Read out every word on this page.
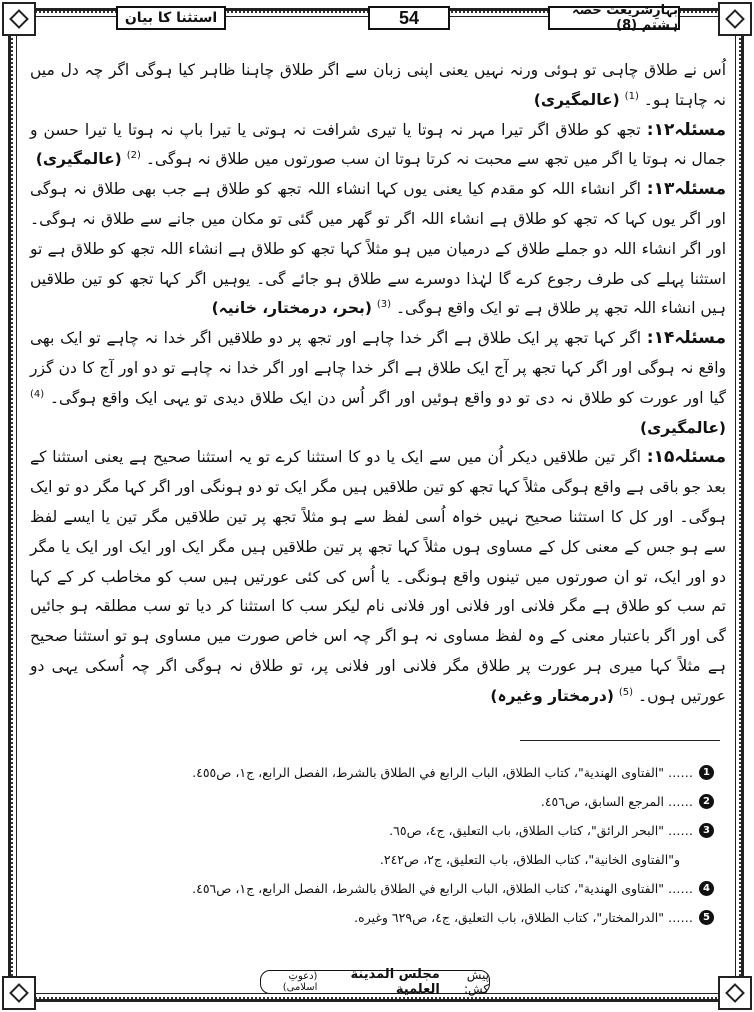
استثنا کا بیان	54	بہارِشریعت حصہ ہشتم (8)

اُس نے طلاق چاہی تو ہوئی ورنہ نہیں یعنی اپنی زبان سے اگر طلاق چاہنا ظاہر کیا ہوگی اگر چہ دل میں نہ چاہتا ہو۔ $^{(1)}$ (عالمگیری)

مسئلہ۱۲: تجھ کو طلاق اگر تیرا مہر نہ ہوتا یا تیری شرافت نہ ہوتی یا تیرا باپ نہ ہوتا یا تیرا حسن و جمال نہ ہوتا یا اگر میں تجھ سے محبت نہ کرتا ہوتا ان سب صورتوں میں طلاق نہ ہوگی۔ $^{(2)}$ (عالمگیری)

مسئلہ۱۳: اگر انشاء اللہ کو مقدم کیا یعنی یوں کہا انشاء اللہ تجھ کو طلاق ہے جب بھی طلاق نہ ہوگی اور اگر یوں کہا کہ تجھ کو طلاق ہے انشاء اللہ اگر تو گھر میں گئی تو مکان میں جانے سے طلاق نہ ہوگی۔ اور اگر انشاء اللہ دو جملے طلاق کے درمیان میں ہو مثلاً کہا تجھ کو طلاق ہے انشاء اللہ تجھ کو طلاق ہے تو استثنا پہلے کی طرف رجوع کرے گا لہٰذا دوسرے سے طلاق ہو جائے گی۔ یوہیں اگر کہا تجھ کو تین طلاقیں ہیں انشاء اللہ تجھ پر طلاق ہے تو ایک واقع ہوگی۔ $^{(3)}$ (بحر، درمختار، خانیہ)

مسئلہ۱۴: اگر کہا تجھ پر ایک طلاق ہے اگر خدا چاہے اور تجھ پر دو طلاقیں اگر خدا نہ چاہے تو ایک بھی واقع نہ ہوگی اور اگر کہا تجھ پر آج ایک طلاق ہے اگر خدا چاہے اور اگر خدا نہ چاہے تو دو اور آج کا دن گزر گیا اور عورت کو طلاق نہ دی تو دو واقع ہوئیں اور اگر اُس دن ایک طلاق دیدی تو یہی ایک واقع ہوگی۔ $^{(4)}$ (عالمگیری)

مسئلہ۱۵: اگر تین طلاقیں دیکر اُن میں سے ایک یا دو کا استثنا کرے تو یہ استثنا صحیح ہے یعنی استثنا کے بعد جو باقی ہے واقع ہوگی مثلاً کہا تجھ کو تین طلاقیں ہیں مگر ایک تو دو ہونگی اور اگر کہا مگر دو تو ایک ہوگی۔ اور کل کا استثنا صحیح نہیں خواہ اُسی لفظ سے ہو مثلاً تجھ پر تین طلاقیں مگر تین یا ایسے لفظ سے ہو جس کے معنی کل کے مساوی ہوں مثلاً کہا تجھ پر تین طلاقیں ہیں مگر ایک اور ایک اور ایک یا مگر دو اور ایک، تو ان صورتوں میں تینوں واقع ہونگی۔ یا اُس کی کئی عورتیں ہیں سب کو مخاطب کر کے کہا تم سب کو طلاق ہے مگر فلانی اور فلانی اور فلانی نام لیکر سب کا استثنا کر دیا تو سب مطلقہ ہو جائیں گی اور اگر باعتبار معنی کے وہ لفظ مساوی نہ ہو اگر چہ اس خاص صورت میں مساوی ہو تو استثنا صحیح ہے مثلاً کہا میری ہر عورت پر طلاق مگر فلانی اور فلانی پر، تو طلاق نہ ہوگی اگر چہ اُسکی یہی دو عورتیں ہوں۔ $^{(5)}$ (درمختار وغیرہ)

1
……
"الفتاوى الهندية"، كتاب الطلاق، الباب الرابع في الطلاق بالشرط، الفصل الرابع، ج١، ص٤٥٥.
2
……
المرجع السابق، ص٤٥٦.
3
……
"البحر الرائق"، كتاب الطلاق، باب التعليق، ج٤، ص٦٥.
و"الفتاوى الخانية"، كتاب الطلاق، باب التعليق، ج٢، ص٢٤٢.
4
……
"الفتاوى الهندية"، كتاب الطلاق، الباب الرابع في الطلاق بالشرط، الفصل الرابع، ج١، ص٤٥٦.
5
……
"الدرالمختار"، كتاب الطلاق، باب التعليق، ج٤، ص٦٢٩ وغيره.
پیش کش:
مجلس المدينة العلمية
(دعوتِ اسلامی)
